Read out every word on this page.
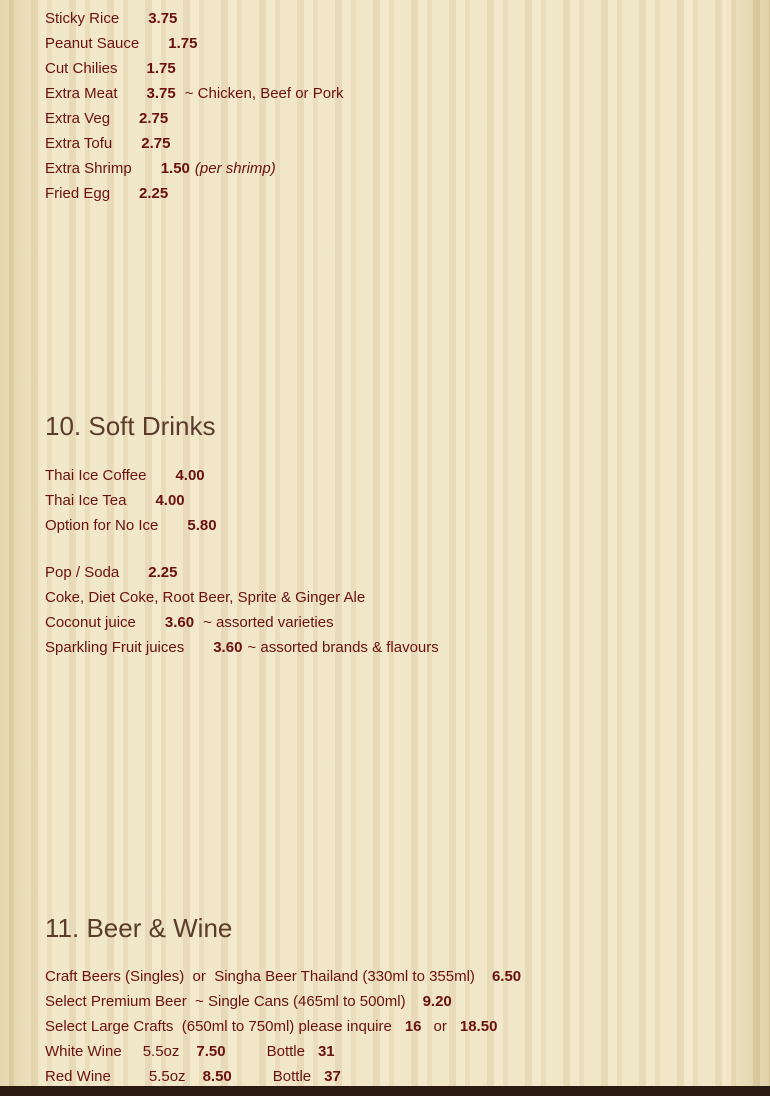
Sticky Rice 3.75
Peanut Sauce 1.75
Cut Chilies 1.75
Extra Meat 3.75 ~ Chicken, Beef or Pork
Extra Veg 2.75
Extra Tofu 2.75
Extra Shrimp 1.50 (per shrimp)
Fried Egg 2.25
10. Soft Drinks
Thai Ice Coffee 4.00
Thai Ice Tea 4.00
Option for No Ice 5.80
Pop / Soda 2.25
Coke, Diet Coke, Root Beer, Sprite & Ginger Ale
Coconut juice 3.60 ~ assorted varieties
Sparkling Fruit juices 3.60 ~ assorted brands & flavours
11. Beer & Wine
Craft Beers (Singles)  or  Singha Beer Thailand (330ml to 355ml) 6.50
Select Premium Beer  ~ Single Cans (465ml to 500ml) 9.20
Select Large Crafts  (650ml to 750ml) please inquire 16 or 18.50
White Wine 5.5oz 7.50	Bottle 31
Red Wine	5.5oz 8.50	Bottle 37
